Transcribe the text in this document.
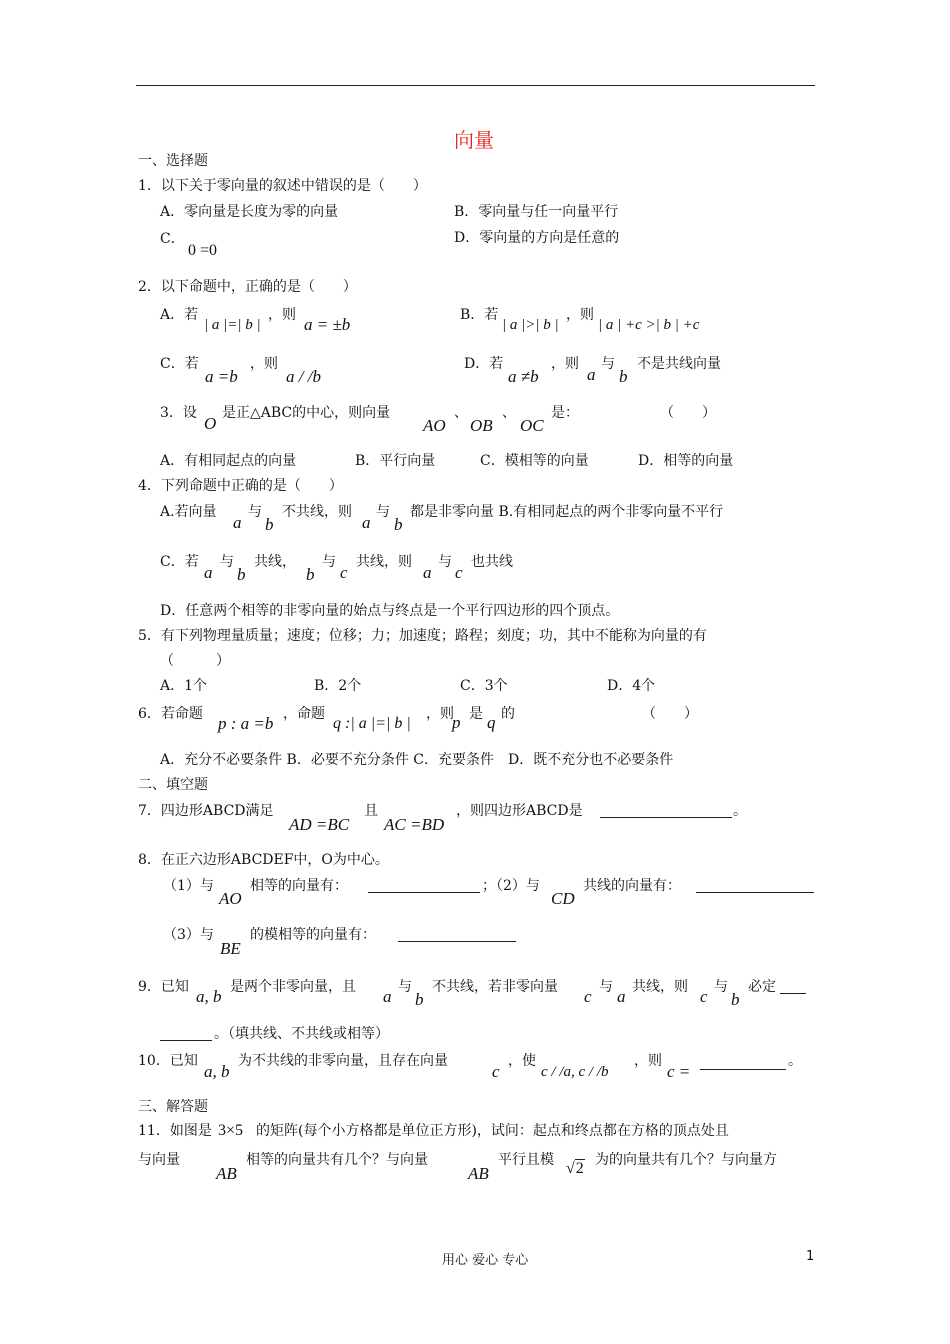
向量
一、选择题
1．以下关于零向量的叙述中错误的是（　　）
A．零向量是长度为零的向量	B．零向量与任一向量平行
C．
0 =0
D．零向量的方向是任意的
2．以下命题中，正确的是（　　）
A．若
| a |=| b |
，则 a = ±b	B．若
| a |>| b |
，则
| a | +c >| b | +c
C．若
a =b
，则
a / /b
D．若
a ≠b
，则
a
与
b
不是共线向量
3．设
O
是正△ABC的中心，则向量
AO
、
OB
、
OC
是：	（　　）
A．有相同起点的向量	B．平行向量	C．模相等的向量	D．相等的向量
4．下列命题中正确的是（　　）
A.若向量
a
与
b
不共线，则
a
与
b
都是非零向量 B.有相同起点的两个非零向量不平行
C．若
a
与
b
共线，
b
与
c
共线，则
a
与
c
也共线
D．任意两个相等的非零向量的始点与终点是一个平行四边形的四个顶点。
5．有下列物理量质量；速度；位移；力；加速度；路程；刻度；功，其中不能称为向量的有
（　　　）
A．1个	B．2个	C．3个	D．4个
6．若命题 p : a =b ，命题
q :| a |=| b |
，则
p 是 q 的	（　　）
A．充分不必要条件 B．必要不充分条件 C．充要条件　D．既不充分也不必要条件
二、填空题
7．四边形ABCD满足
AD =BC
且
AC =BD
，则四边形ABCD是	。
8．在正六边形ABCDEF中，O为中心。
（1）与
AO
相等的向量有：	；（2）与
CD
共线的向量有：
（3）与
BE
的模相等的向量有：
9．已知 a, b 是两个非零向量，且 a 与
b
不共线，若非零向量 c 与 a 共线，则 c 与
b
必定
。（填共线、不共线或相等）
10．已知
a, b
为不共线的非零向量，且存在向量
c
，使
c / /a, c / /b
，则
c =
。
三、解答题
11．如图是 3×5 的矩阵(每个小方格都是单位正方形)，试问：起点和终点都在方格的顶点处且
与向量
AB
相等的向量共有几个？与向量
AB
平行且模 √2 为的向量共有几个？与向量方
用心 爱心 专心	1
